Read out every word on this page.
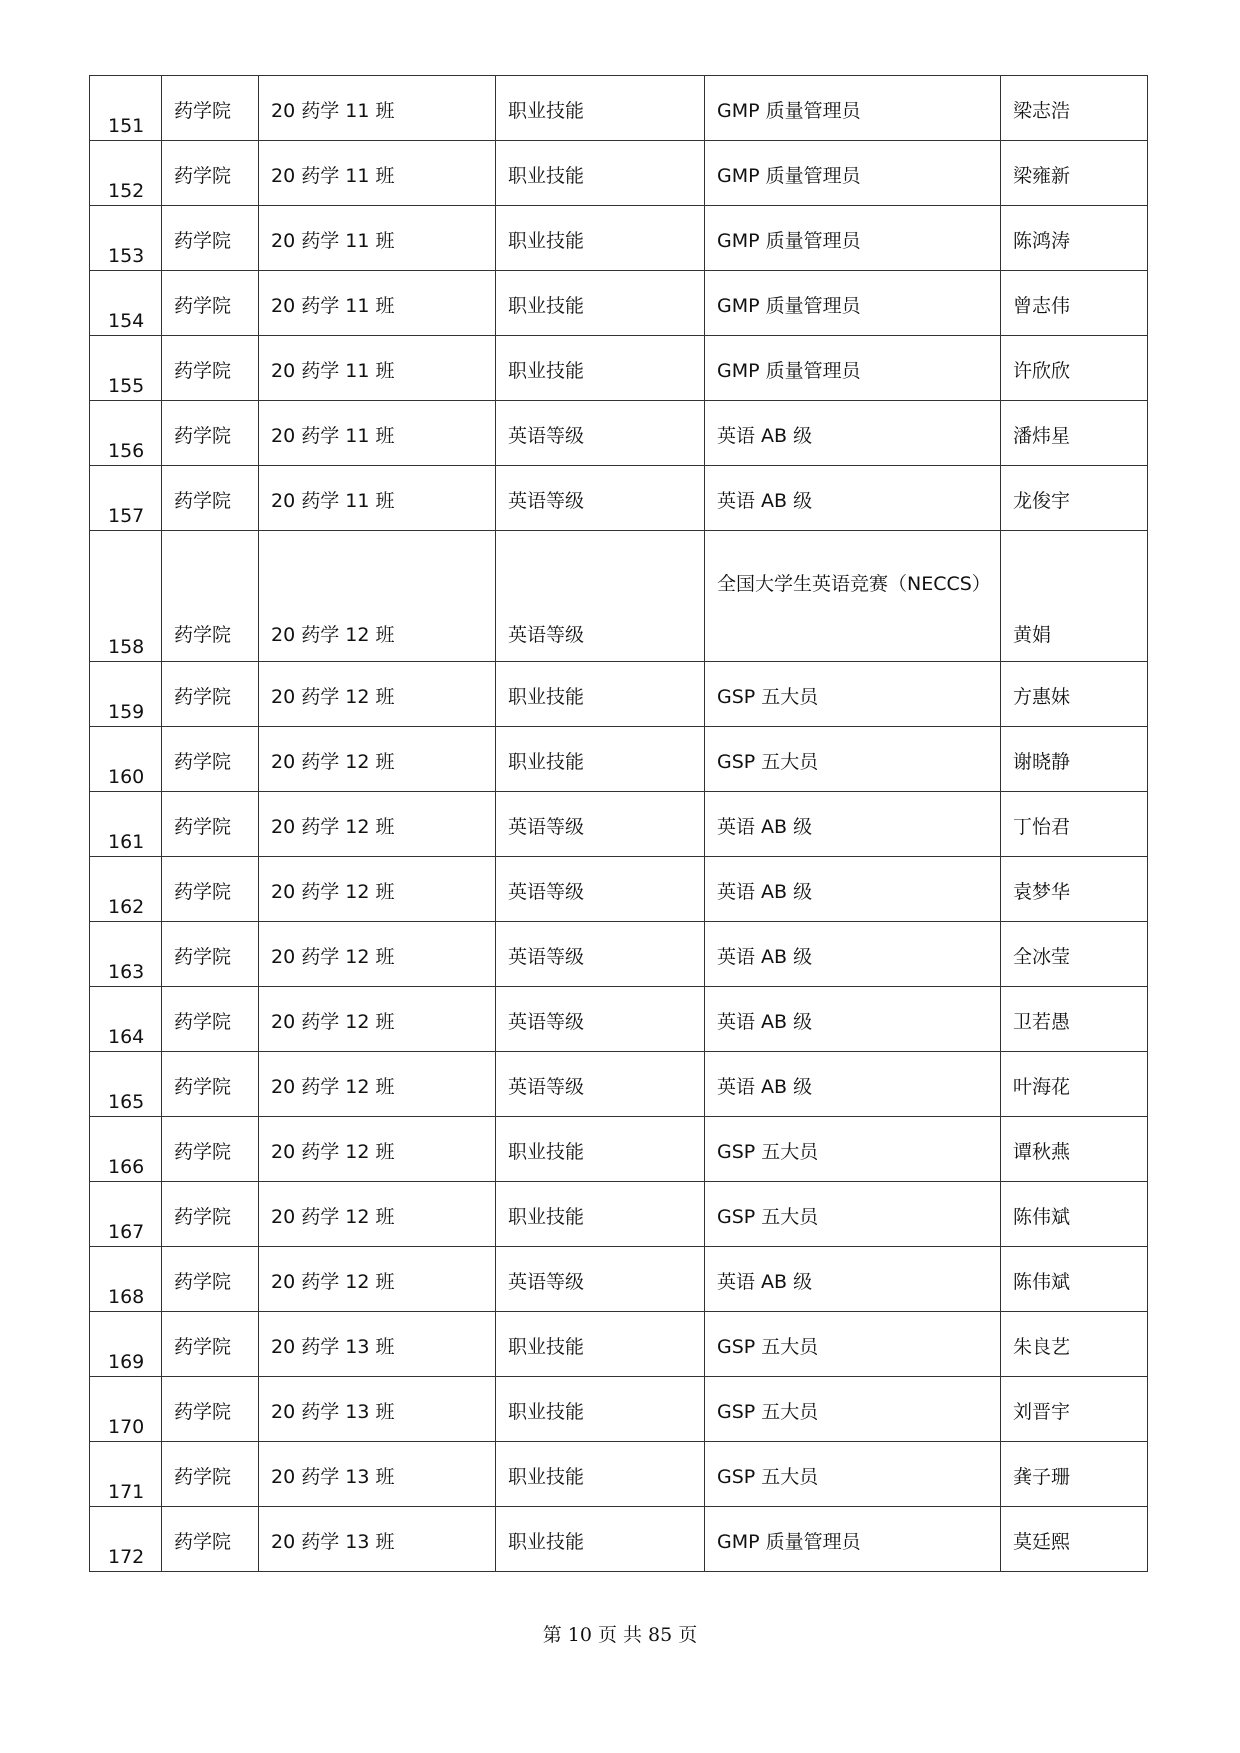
151	药学院	20 药学 11 班	职业技能	GMP 质量管理员	梁志浩

152	药学院	20 药学 11 班	职业技能	GMP 质量管理员	梁雍新

153	药学院	20 药学 11 班	职业技能	GMP 质量管理员	陈鸿涛

154	药学院	20 药学 11 班	职业技能	GMP 质量管理员	曾志伟

155	药学院	20 药学 11 班	职业技能	GMP 质量管理员	许欣欣

156	药学院	20 药学 11 班	英语等级	英语 AB 级	潘炜星

157	药学院	20 药学 11 班	英语等级	英语 AB 级	龙俊宇

158	药学院	20 药学 12 班	英语等级	全国大学生英语竞赛（NECCS）	黄娟

159	药学院	20 药学 12 班	职业技能	GSP 五大员	方惠妹

160	药学院	20 药学 12 班	职业技能	GSP 五大员	谢晓静

161	药学院	20 药学 12 班	英语等级	英语 AB 级	丁怡君

162	药学院	20 药学 12 班	英语等级	英语 AB 级	袁梦华

163	药学院	20 药学 12 班	英语等级	英语 AB 级	全冰莹

164	药学院	20 药学 12 班	英语等级	英语 AB 级	卫若愚

165	药学院	20 药学 12 班	英语等级	英语 AB 级	叶海花

166	药学院	20 药学 12 班	职业技能	GSP 五大员	谭秋燕

167	药学院	20 药学 12 班	职业技能	GSP 五大员	陈伟斌

168	药学院	20 药学 12 班	英语等级	英语 AB 级	陈伟斌

169	药学院	20 药学 13 班	职业技能	GSP 五大员	朱良艺

170	药学院	20 药学 13 班	职业技能	GSP 五大员	刘晋宇

171	药学院	20 药学 13 班	职业技能	GSP 五大员	龚子珊

172	药学院	20 药学 13 班	职业技能	GMP 质量管理员	莫廷熙
第 10 页 共 85 页
